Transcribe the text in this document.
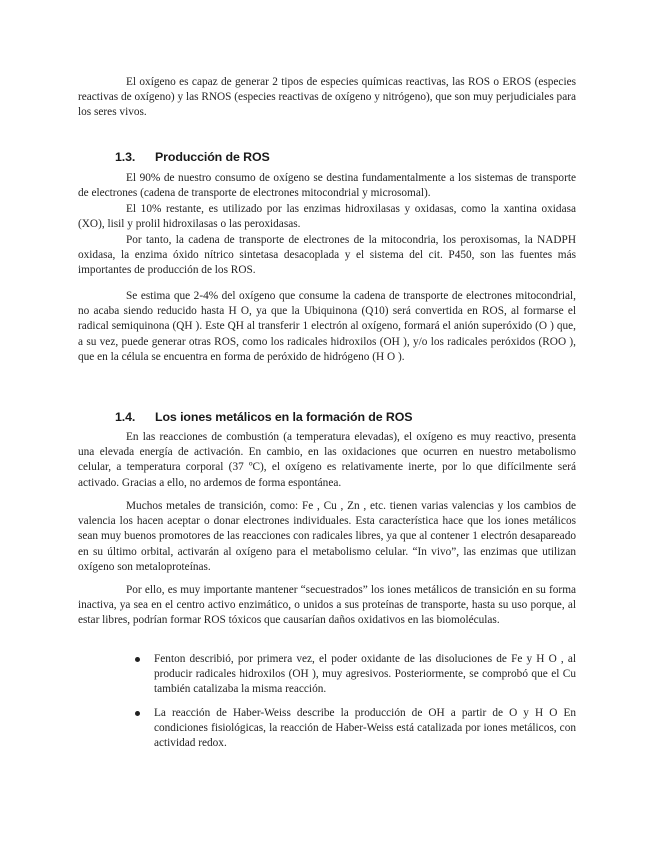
El oxígeno es capaz de generar 2 tipos de especies químicas reactivas, las ROS o EROS (especies reactivas de oxígeno) y las RNOS (especies reactivas de oxígeno y nitrógeno), que son muy perjudiciales para los seres vivos.

1.3. Producción de ROS

El 90% de nuestro consumo de oxígeno se destina fundamentalmente a los sistemas de transporte de electrones (cadena de transporte de electrones mitocondrial y microsomal).

El 10% restante, es utilizado por las enzimas hidroxilasas y oxidasas, como la xantina oxidasa (XO), lisil y prolil hidroxilasas o las peroxidasas.

Por tanto, la cadena de transporte de electrones de la mitocondria, los peroxisomas, la NADPH oxidasa, la enzima óxido nítrico sintetasa desacoplada y el sistema del cit. P450, son las fuentes más importantes de producción de los ROS.

Se estima que 2-4% del oxígeno que consume la cadena de transporte de electrones mitocondrial, no acaba siendo reducido hasta H O, ya que la Ubiquinona (Q10) será convertida en ROS, al formarse el radical semiquinona (QH ). Este QH al transferir 1 electrón al oxígeno, formará el anión superóxido (O ) que, a su vez, puede generar otras ROS, como los radicales hidroxilos (OH ), y/o los radicales peróxidos (ROO ), que en la célula se encuentra en forma de peróxido de hidrógeno (H O ).

1.4. Los iones metálicos en la formación de ROS

En las reacciones de combustión (a temperatura elevadas), el oxígeno es muy reactivo, presenta una elevada energía de activación. En cambio, en las oxidaciones que ocurren en nuestro metabolismo celular, a temperatura corporal (37 ºC), el oxígeno es relativamente inerte, por lo que difícilmente será activado. Gracias a ello, no ardemos de forma espontánea.

Muchos metales de transición, como: Fe , Cu , Zn , etc. tienen varias valencias y los cambios de valencia los hacen aceptar o donar electrones individuales. Esta característica hace que los iones metálicos sean muy buenos promotores de las reacciones con radicales libres, ya que al contener 1 electrón desapareado en su último orbital, activarán al oxígeno para el metabolismo celular. “In vivo”, las enzimas que utilizan oxígeno son metaloproteínas.

Por ello, es muy importante mantener “secuestrados” los iones metálicos de transición en su forma inactiva, ya sea en el centro activo enzimático, o unidos a sus proteínas de transporte, hasta su uso porque, al estar libres, podrían formar ROS tóxicos que causarían daños oxidativos en las biomoléculas.

Fenton describió, por primera vez, el poder oxidante de las disoluciones de Fe y H O , al producir radicales hidroxilos (OH ), muy agresivos. Posteriormente, se comprobó que el Cu también catalizaba la misma reacción.
La reacción de Haber-Weiss describe la producción de OH a partir de O y H O En condiciones fisiológicas, la reacción de Haber-Weiss está catalizada por iones metálicos, con actividad redox.
